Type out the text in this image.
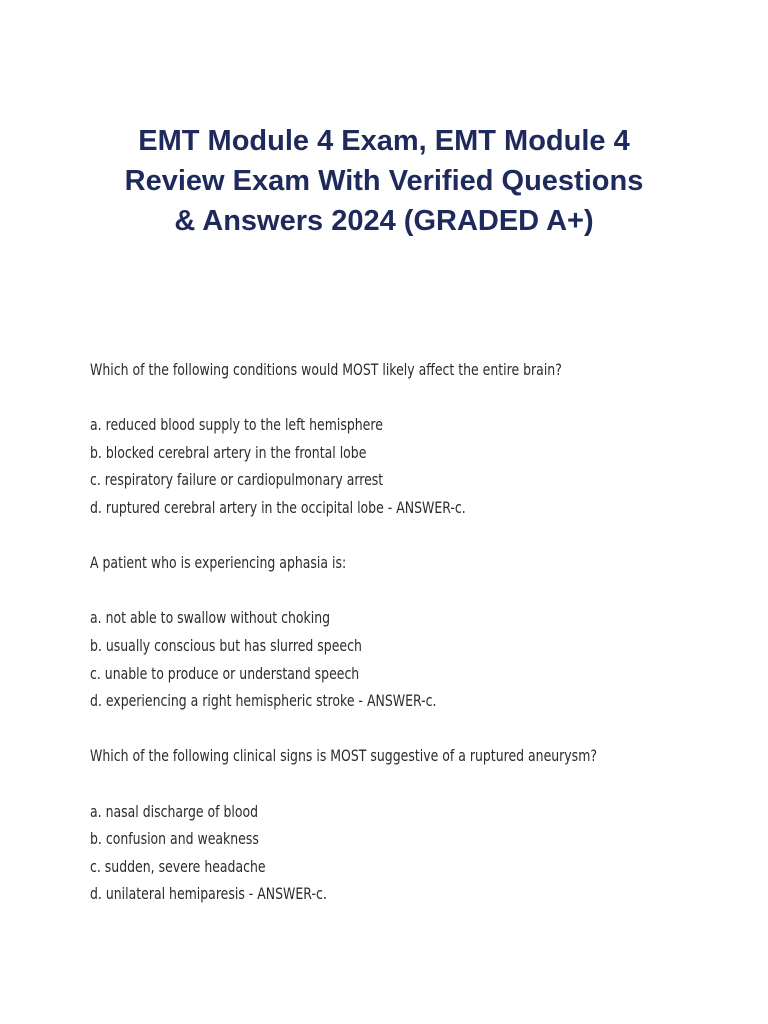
EMT Module 4 Exam, EMT Module 4
Review Exam With Verified Questions
& Answers 2024 (GRADED A+)

Which of the following conditions would MOST likely affect the entire brain?

a. reduced blood supply to the left hemisphere

b. blocked cerebral artery in the frontal lobe

c. respiratory failure or cardiopulmonary arrest

d. ruptured cerebral artery in the occipital lobe - ANSWER-c.

A patient who is experiencing aphasia is:

a. not able to swallow without choking

b. usually conscious but has slurred speech

c. unable to produce or understand speech

d. experiencing a right hemispheric stroke - ANSWER-c.

Which of the following clinical signs is MOST suggestive of a ruptured aneurysm?

a. nasal discharge of blood

b. confusion and weakness

c. sudden, severe headache

d. unilateral hemiparesis - ANSWER-c.
